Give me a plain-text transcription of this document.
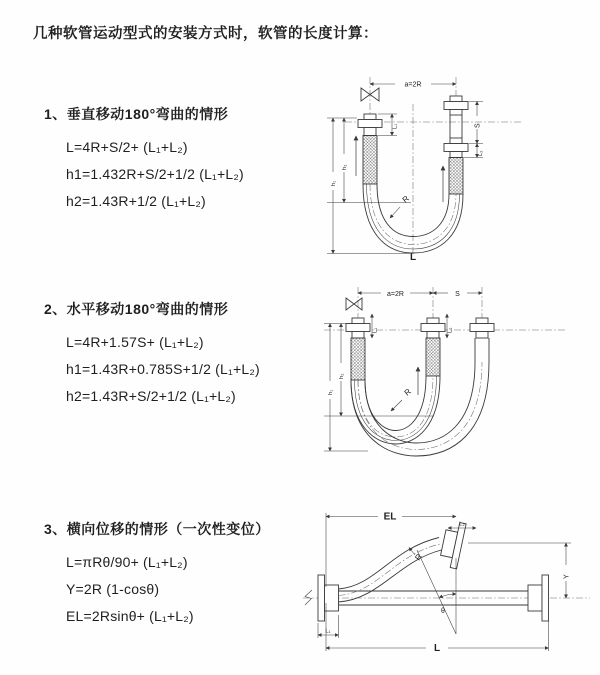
几种软管运动型式的安装方式时，软管的长度计算：
1、垂直移动180°弯曲的情形
L=4R+S/2+ (L₁+L₂)
h1=1.432R+S/2+1/2 (L₁+L₂)
h2=1.43R+1/2 (L₁+L₂)
a=2R
h₁
h₂
L₁	S
L₂
R
L
2、水平移动180°弯曲的情形
L=4R+1.57S+ (L₁+L₂)
h1=1.43R+0.785S+1/2 (L₁+L₂)
h2=1.43R+S/2+1/2 (L₁+L₂)
a=2R	S
h₁
h₂
L₁	L₂
R
3、横向位移的情形（一次性变位）
L=πRθ/90+ (L₁+L₂)
Y=2R (1-cosθ)
EL=2Rsinθ+ (L₁+L₂)
EL
L₂
Y
θ
R
L
L₁
